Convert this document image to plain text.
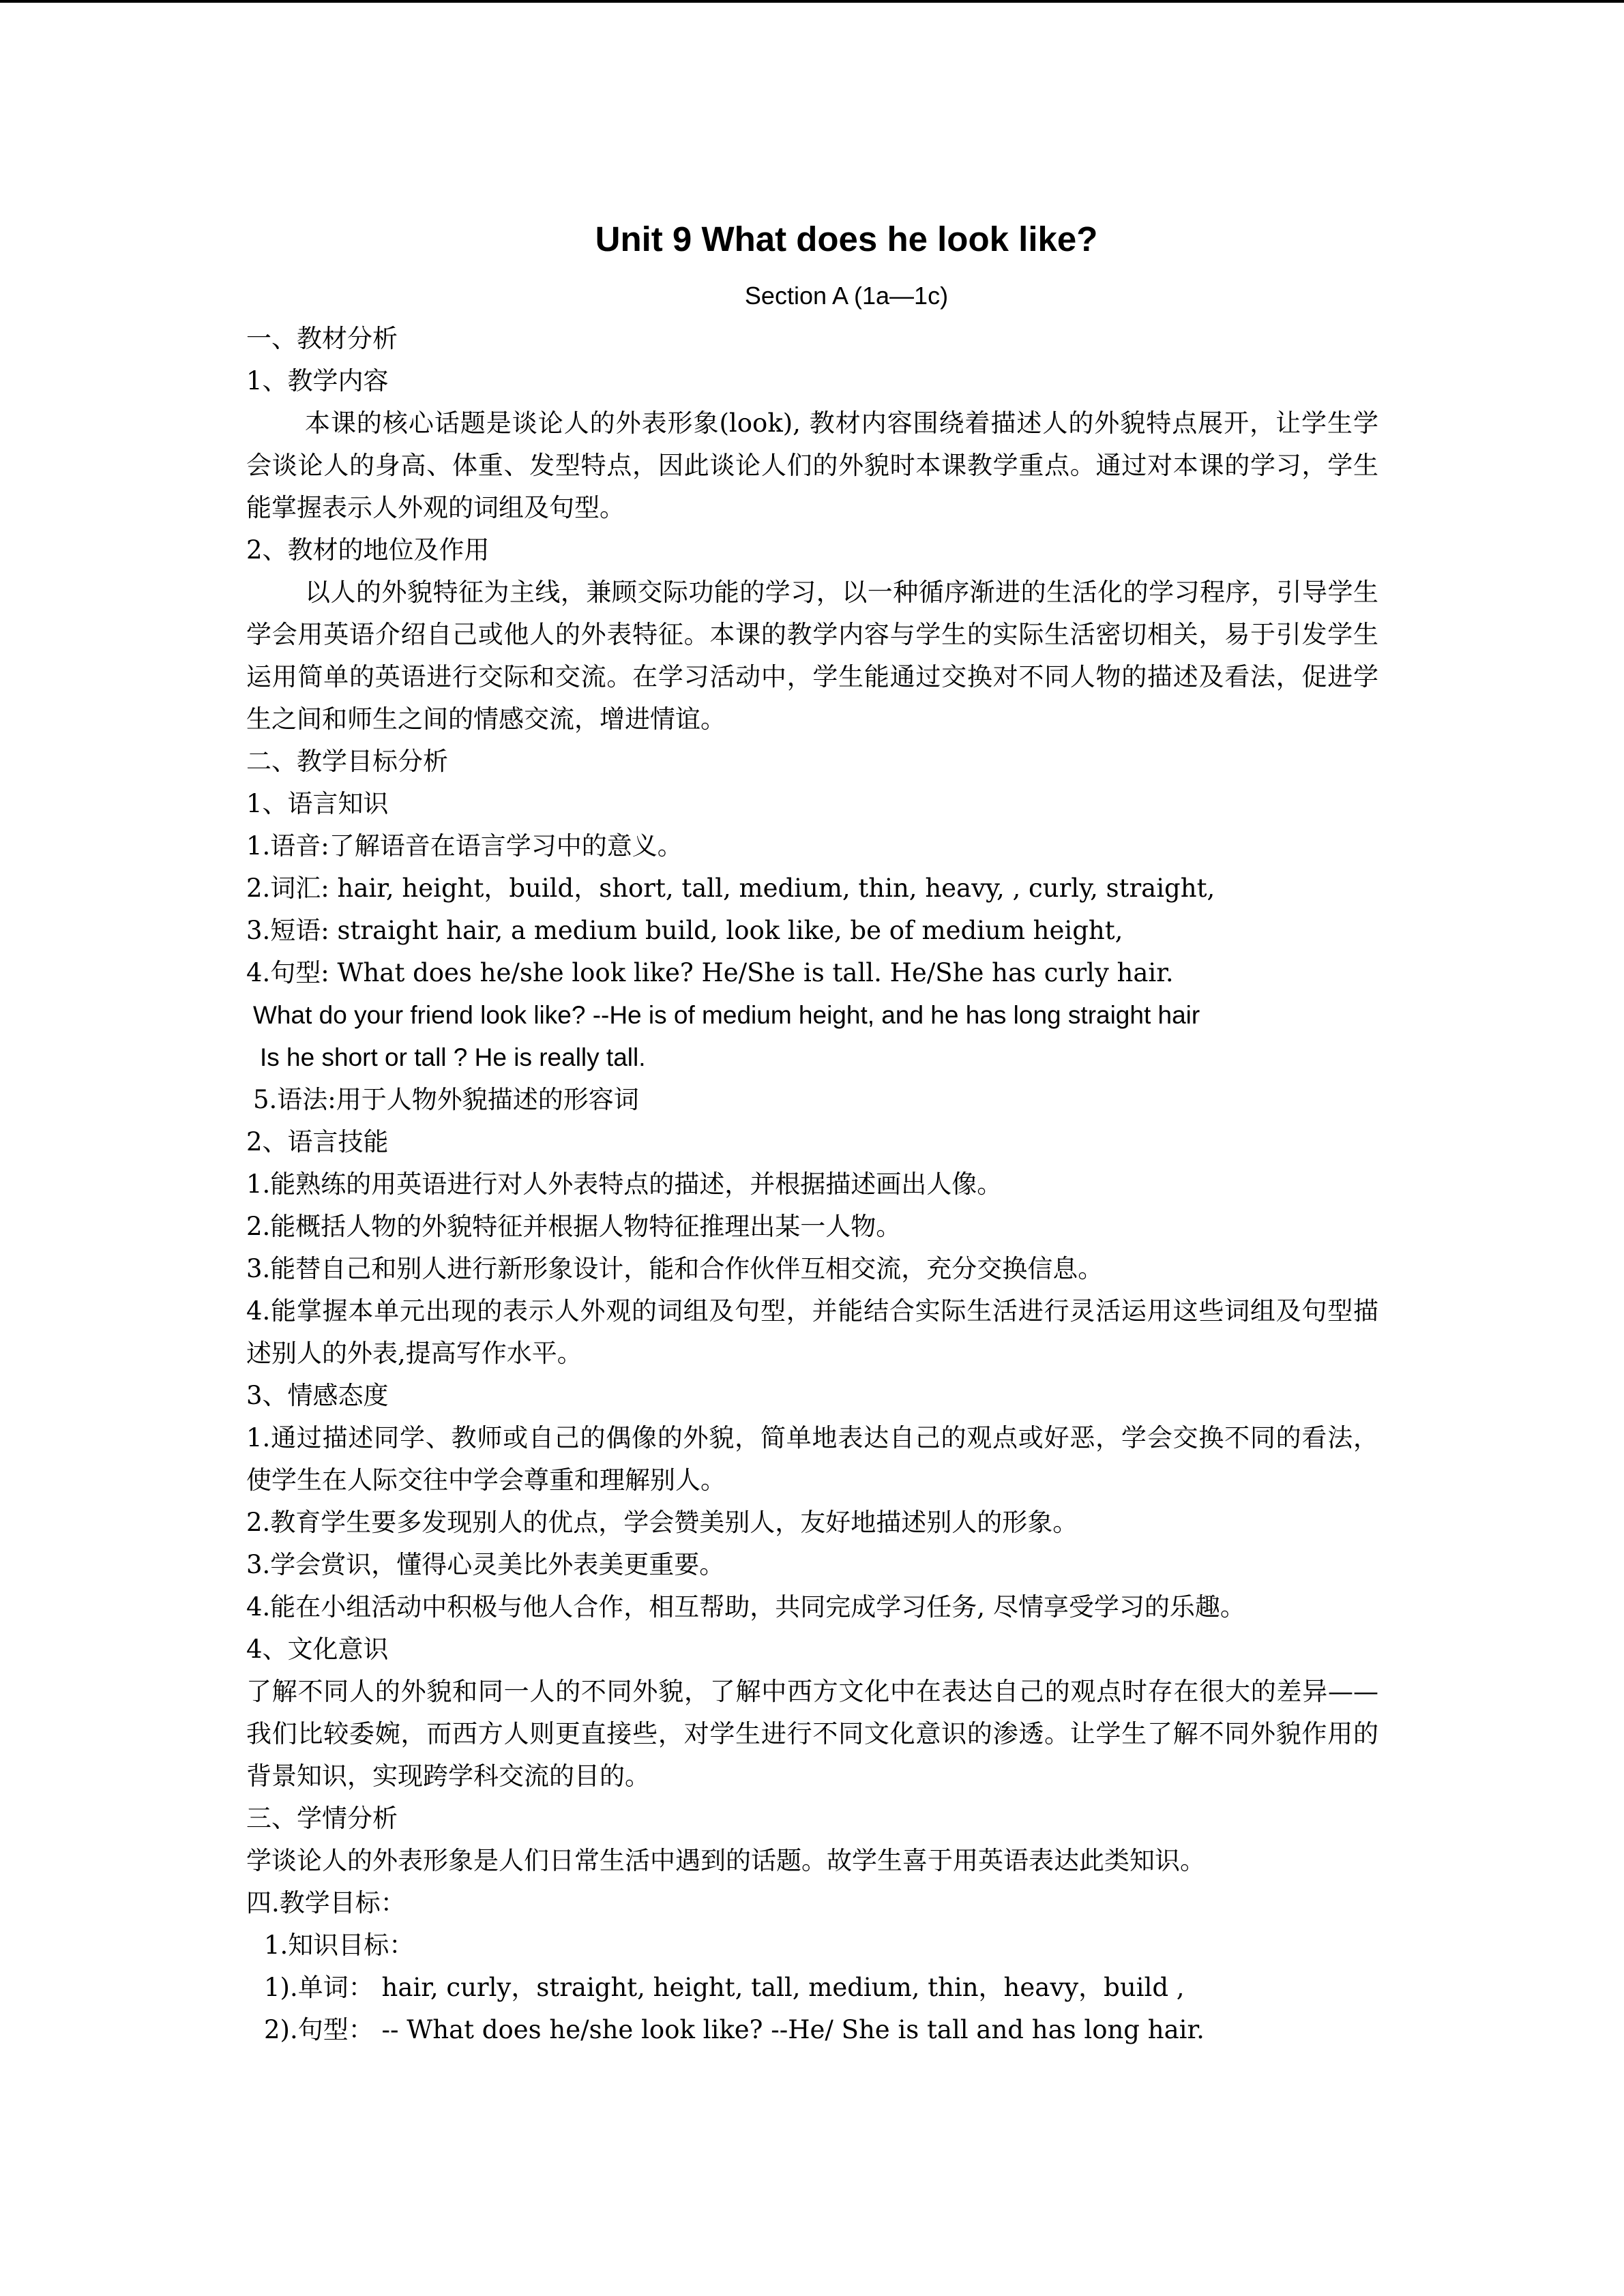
Unit 9 What does he look like?
Section A (1a—1c)
一、教材分析
1、教学内容
本课的核心话题是谈论人的外表形象(look), 教材内容围绕着描述人的外貌特点展开，让学生学会谈论人的身高、体重、发型特点，因此谈论人们的外貌时本课教学重点。通过对本课的学习，学生能掌握表示人外观的词组及句型。
2、教材的地位及作用
以人的外貌特征为主线，兼顾交际功能的学习，以一种循序渐进的生活化的学习程序，引导学生学会用英语介绍自己或他人的外表特征。本课的教学内容与学生的实际生活密切相关，易于引发学生运用简单的英语进行交际和交流。在学习活动中，学生能通过交换对不同人物的描述及看法，促进学生之间和师生之间的情感交流，增进情谊。
二、教学目标分析
1、语言知识
1.语音:了解语音在语言学习中的意义。
2.词汇: hair, height，build，short, tall, medium, thin, heavy, , curly, straight,
3.短语: straight hair, a medium build, look like, be of medium height,
4.句型: What does he/she look like? He/She is tall. He/She has curly hair.
What do your friend look like? --He is of medium height, and he has long straight hair
Is he short or tall ? He is really tall.
5.语法:用于人物外貌描述的形容词
2、语言技能
1.能熟练的用英语进行对人外表特点的描述，并根据描述画出人像。
2.能概括人物的外貌特征并根据人物特征推理出某一人物。
3.能替自己和别人进行新形象设计，能和合作伙伴互相交流，充分交换信息。
4.能掌握本单元出现的表示人外观的词组及句型，并能结合实际生活进行灵活运用这些词组及句型描述别人的外表,提高写作水平。
3、情感态度
1.通过描述同学、教师或自己的偶像的外貌，简单地表达自己的观点或好恶，学会交换不同的看法，使学生在人际交往中学会尊重和理解别人。
2.教育学生要多发现别人的优点，学会赞美别人，友好地描述别人的形象。
3.学会赏识，懂得心灵美比外表美更重要。
4.能在小组活动中积极与他人合作，相互帮助，共同完成学习任务, 尽情享受学习的乐趣。
4、文化意识
了解不同人的外貌和同一人的不同外貌，了解中西方文化中在表达自己的观点时存在很大的差异——我们比较委婉，而西方人则更直接些，对学生进行不同文化意识的渗透。让学生了解不同外貌作用的背景知识，实现跨学科交流的目的。
三、学情分析
学谈论人的外表形象是人们日常生活中遇到的话题。故学生喜于用英语表达此类知识。
四.教学目标：
1.知识目标：
1).单词： hair, curly，straight, height, tall, medium, thin，heavy，build ,
2).句型： -- What does he/she look like? --He/ She is tall and has long hair.
